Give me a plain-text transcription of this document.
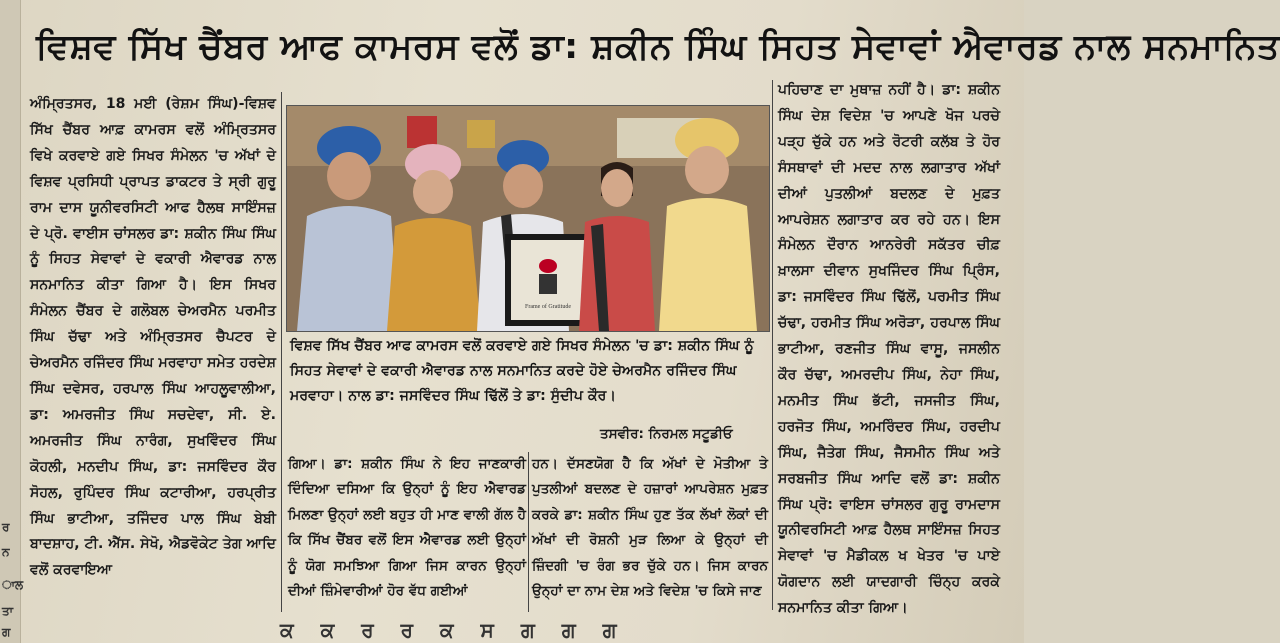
ਰ
ਨ
ਾਲ
ਤਾ
ਗ
ਵਿਸ਼ਵ ਸਿੱਖ ਚੈਂਬਰ ਆਫ ਕਾਮਰਸ ਵਲੋਂ ਡਾ: ਸ਼ਕੀਨ ਸਿੰਘ ਸਿਹਤ ਸੇਵਾਵਾਂ ਐਵਾਰਡ ਨਾਲ ਸਨਮਾਨਿਤ

ਅੰਮ੍ਰਿਤਸਰ, 18 ਮਈ (ਰੇਸ਼ਮ ਸਿੰਘ)-ਵਿਸ਼ਵ ਸਿੱਖ ਚੈਂਬਰ ਆਫ਼ ਕਾਮਰਸ ਵਲੋਂ ਅੰਮ੍ਰਿਤਸਰ ਵਿਖੇ ਕਰਵਾਏ ਗਏ ਸਿਖਰ ਸੰਮੇਲਨ 'ਚ ਅੱਖਾਂ ਦੇ ਵਿਸ਼ਵ ਪ੍ਰਸਿਧੀ ਪ੍ਰਾਪਤ ਡਾਕਟਰ ਤੇ ਸ੍ਰੀ ਗੁਰੂ ਰਾਮ ਦਾਸ ਯੂਨੀਵਰਸਿਟੀ ਆਫ ਹੈਲਥ ਸਾਇੰਸਜ਼ ਦੇ ਪ੍ਰੋ. ਵਾਈਸ ਚਾਂਸਲਰ ਡਾ: ਸ਼ਕੀਨ ਸਿੰਘ ਸਿੰਘ ਨੂੰ ਸਿਹਤ ਸੇਵਾਵਾਂ ਦੇ ਵਕਾਰੀ ਐਵਾਰਡ ਨਾਲ ਸਨਮਾਨਿਤ ਕੀਤਾ ਗਿਆ ਹੈ। ਇਸ ਸਿਖਰ ਸੰਮੇਲਨ ਚੈਂਬਰ ਦੇ ਗਲੋਬਲ ਚੇਅਰਮੈਨ ਪਰਮੀਤ ਸਿੰਘ ਚੱਢਾ ਅਤੇ ਅੰਮ੍ਰਿਤਸਰ ਚੈਪਟਰ ਦੇ ਚੇਅਰਮੈਨ ਰਜਿੰਦਰ ਸਿੰਘ ਮਰਵਾਹਾ ਸਮੇਤ ਹਰਦੇਸ਼ ਸਿੰਘ ਦਵੇਸਰ, ਹਰਪਾਲ ਸਿੰਘ ਆਹਲੂਵਾਲੀਆ, ਡਾ: ਅਮਰਜੀਤ ਸਿੰਘ ਸਚਦੇਵਾ, ਸੀ. ਏ. ਅਮਰਜੀਤ ਸਿੰਘ ਨਾਰੰਗ, ਸੁਖਵਿੰਦਰ ਸਿੰਘ ਕੋਹਲੀ, ਮਨਦੀਪ ਸਿੰਘ, ਡਾ: ਜਸਵਿੰਦਰ ਕੌਰ ਸੋਹਲ, ਰੁਪਿੰਦਰ ਸਿੰਘ ਕਟਾਰੀਆ, ਹਰਪ੍ਰੀਤ ਸਿੰਘ ਭਾਟੀਆ, ਤਜਿੰਦਰ ਪਾਲ ਸਿੰਘ ਬੇਬੀ ਬਾਦਸ਼ਾਹ, ਟੀ. ਐੱਸ. ਸੇਖੋ, ਐਡਵੋਕੇਟ ਤੇਗ ਆਦਿ ਵਲੋਂ ਕਰਵਾਇਆ

Frame of Gratitude
ਵਿਸ਼ਵ ਸਿੱਖ ਚੈਂਬਰ ਆਫ ਕਾਮਰਸ ਵਲੋਂ ਕਰਵਾਏ ਗਏ ਸਿਖਰ ਸੰਮੇਲਨ 'ਚ ਡਾ: ਸ਼ਕੀਨ ਸਿੰਘ ਨੂੰ ਸਿਹਤ ਸੇਵਾਵਾਂ ਦੇ ਵਕਾਰੀ ਐਵਾਰਡ ਨਾਲ ਸਨਮਾਨਿਤ ਕਰਦੇ ਹੋਏ ਚੇਅਰਮੈਨ ਰਜਿੰਦਰ ਸਿੰਘ ਮਰਵਾਹਾ। ਨਾਲ ਡਾ: ਜਸਵਿੰਦਰ ਸਿੰਘ ਢਿੱਲੋਂ ਤੇ ਡਾ: ਸੁੰਦੀਪ ਕੌਰ।
ਤਸਵੀਰ: ਨਿਰਮਲ ਸਟੂਡੀਓ

ਗਿਆ। ਡਾ: ਸ਼ਕੀਨ ਸਿੰਘ ਨੇ ਇਹ ਜਾਣਕਾਰੀ ਦਿੰਦਿਆ ਦਸਿਆ ਕਿ ਉਨ੍ਹਾਂ ਨੂੰ ਇਹ ਐਵਾਰਡ ਮਿਲਣਾ ਉਨ੍ਹਾਂ ਲਈ ਬਹੁਤ ਹੀ ਮਾਣ ਵਾਲੀ ਗੱਲ ਹੈ ਕਿ ਸਿੱਖ ਚੈਂਬਰ ਵਲੋਂ ਇਸ ਐਵਾਰਡ ਲਈ ਉਨ੍ਹਾਂ ਨੂੰ ਯੋਗ ਸਮਝਿਆ ਗਿਆ ਜਿਸ ਕਾਰਨ ਉਨ੍ਹਾਂ ਦੀਆਂ ਜ਼ਿੰਮੇਵਾਰੀਆਂ ਹੋਰ ਵੱਧ ਗਈਆਂ

ਹਨ। ਦੱਸਣਯੋਗ ਹੈ ਕਿ ਅੱਖਾਂ ਦੇ ਮੋਤੀਆ ਤੇ ਪੁਤਲੀਆਂ ਬਦਲਣ ਦੇ ਹਜ਼ਾਰਾਂ ਆਪਰੇਸ਼ਨ ਮੁਫ਼ਤ ਕਰਕੇ ਡਾ: ਸ਼ਕੀਨ ਸਿੰਘ ਹੁਣ ਤੱਕ ਲੱਖਾਂ ਲੋਕਾਂ ਦੀ ਅੱਖਾਂ ਦੀ ਰੋਸ਼ਨੀ ਮੁੜ ਲਿਆ ਕੇ ਉਨ੍ਹਾਂ ਦੀ ਜ਼ਿੰਦਗੀ 'ਚ ਰੰਗ ਭਰ ਚੁੱਕੇ ਹਨ। ਜਿਸ ਕਾਰਨ ਉਨ੍ਹਾਂ ਦਾ ਨਾਮ ਦੇਸ਼ ਅਤੇ ਵਿਦੇਸ਼ 'ਚ ਕਿਸੇ ਜਾਣ

ਪਹਿਚਾਣ ਦਾ ਮੁਥਾਜ਼ ਨਹੀਂ ਹੈ। ਡਾ: ਸ਼ਕੀਨ ਸਿੰਘ ਦੇਸ਼ ਵਿਦੇਸ਼ 'ਚ ਆਪਣੇ ਖੋਜ ਪਰਚੇ ਪੜ੍ਹ ਚੁੱਕੇ ਹਨ ਅਤੇ ਰੋਟਰੀ ਕਲੱਬ ਤੇ ਹੋਰ ਸੰਸਥਾਵਾਂ ਦੀ ਮਦਦ ਨਾਲ ਲਗਾਤਾਰ ਅੱਖਾਂ ਦੀਆਂ ਪੁਤਲੀਆਂ ਬਦਲਣ ਦੇ ਮੁਫ਼ਤ ਆਪਰੇਸ਼ਨ ਲਗਾਤਾਰ ਕਰ ਰਹੇ ਹਨ। ਇਸ ਸੰਮੇਲਨ ਦੌਰਾਨ ਆਨਰੇਰੀ ਸਕੱਤਰ ਚੀਫ਼ ਖ਼ਾਲਸਾ ਦੀਵਾਨ ਸੁਖਜਿੰਦਰ ਸਿੰਘ ਪ੍ਰਿੰਸ, ਡਾ: ਜਸਵਿੰਦਰ ਸਿੰਘ ਢਿੱਲੋਂ, ਪਰਮੀਤ ਸਿੰਘ ਚੱਢਾ, ਹਰਮੀਤ ਸਿੰਘ ਅਰੋੜਾ, ਹਰਪਾਲ ਸਿੰਘ ਭਾਟੀਆ, ਰਣਜੀਤ ਸਿੰਘ ਵਾਸੂ, ਜਸਲੀਨ ਕੌਰ ਚੱਢਾ, ਅਮਰਦੀਪ ਸਿੰਘ, ਨੇਹਾ ਸਿੰਘ, ਮਨਮੀਤ ਸਿੰਘ ਭੱਟੀ, ਜਸਜੀਤ ਸਿੰਘ, ਹਰਜੋਤ ਸਿੰਘ, ਅਮਰਿੰਦਰ ਸਿੰਘ, ਹਰਦੀਪ ਸਿੰਘ, ਜੈਤੇਗ ਸਿੰਘ, ਜੈਸਮੀਨ ਸਿੰਘ ਅਤੇ ਸਰਬਜੀਤ ਸਿੰਘ ਆਦਿ ਵਲੋਂ ਡਾ: ਸ਼ਕੀਨ ਸਿੰਘ ਪ੍ਰੋ: ਵਾਇਸ ਚਾਂਸਲਰ ਗੁਰੂ ਰਾਮਦਾਸ ਯੂਨੀਵਰਸਿਟੀ ਆਫ਼ ਹੈਲਥ ਸਾਇੰਸਜ਼ ਸਿਹਤ ਸੇਵਾਵਾਂ 'ਚ ਮੈਡੀਕਲ ਖ ਖੇਤਰ 'ਚ ਪਾਏ ਯੋਗਦਾਨ ਲਈ ਯਾਦਗਾਰੀ ਚਿੰਨ੍ਹ ਕਰਕੇ ਸਨਮਾਨਿਤ ਕੀਤਾ ਗਿਆ।

ਕ ਕ ਰ ਰ ਕ ਸ ਗ ਗ ਗ
